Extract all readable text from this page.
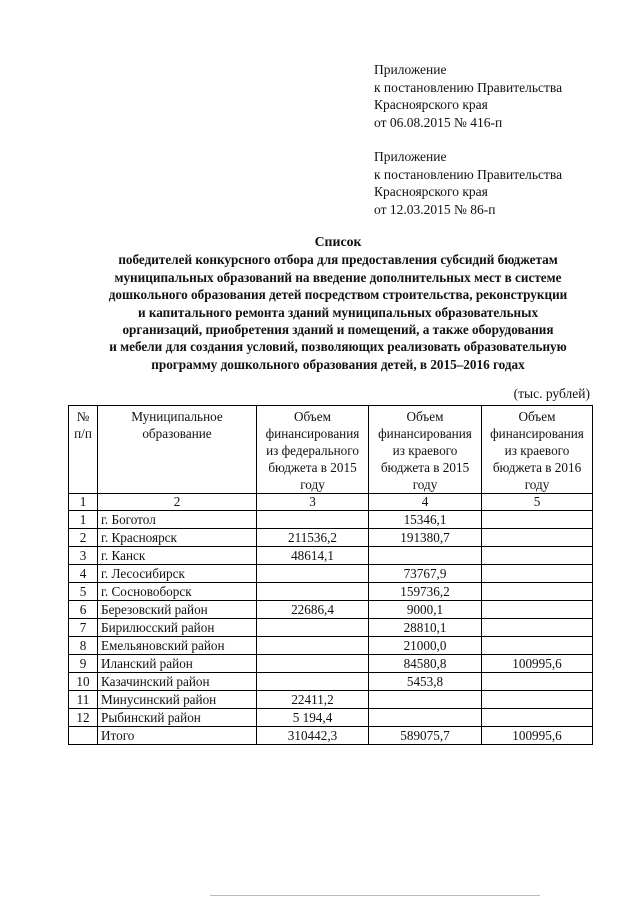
Приложение
к постановлению Правительства
Красноярского края
от 06.08.2015 № 416-п
Приложение
к постановлению Правительства
Красноярского края
от 12.03.2015 № 86-п
Список
победителей конкурсного отбора для предоставления субсидий бюджетам
муниципальных образований на введение дополнительных мест в системе
дошкольного образования детей посредством строительства, реконструкции
и капитального ремонта зданий муниципальных образовательных
организаций, приобретения зданий и помещений, а также оборудования
и мебели для создания условий, позволяющих реализовать образовательную
программу дошкольного образования детей, в 2015–2016 годах
(тыс. рублей)
№ п/п	Муниципальное образование	Объем финансирования из федерального бюджета в 2015 году	Объем финансирования из краевого бюджета в 2015 году	Объем финансирования из краевого бюджета в 2016 году
1	2	3	4	5
1	г. Боготол		15346,1	
2	г. Красноярск	211536,2	191380,7	
3	г. Канск	48614,1		
4	г. Лесосибирск		73767,9	
5	г. Сосновоборск		159736,2	
6	Березовский район	22686,4	9000,1	
7	Бирилюсский район		28810,1	
8	Емельяновский район		21000,0	
9	Иланский район		84580,8	100995,6
10	Казачинский район		5453,8	
11	Минусинский район	22411,2		
12	Рыбинский район	5 194,4		
	Итого	310442,3	589075,7	100995,6
